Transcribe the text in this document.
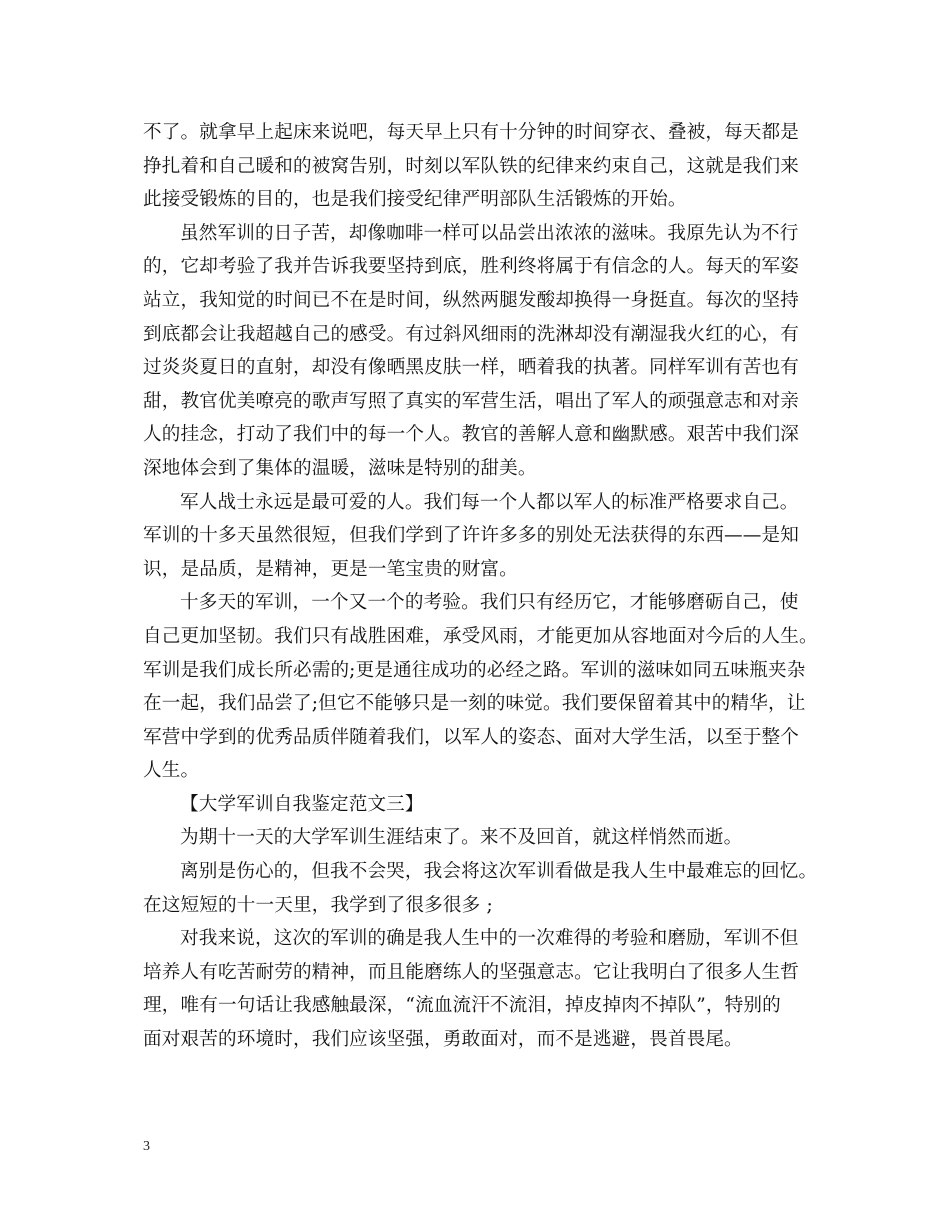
不了。就拿早上起床来说吧，每天早上只有十分钟的时间穿衣、叠被，每天都是
挣扎着和自己暖和的被窝告别，时刻以军队铁的纪律来约束自己，这就是我们来
此接受锻炼的目的，也是我们接受纪律严明部队生活锻炼的开始。
虽然军训的日子苦，却像咖啡一样可以品尝出浓浓的滋味。我原先认为不行
的，它却考验了我并告诉我要坚持到底，胜利终将属于有信念的人。每天的军姿
站立，我知觉的时间已不在是时间，纵然两腿发酸却换得一身挺直。每次的坚持
到底都会让我超越自己的感受。有过斜风细雨的洗淋却没有潮湿我火红的心，有
过炎炎夏日的直射，却没有像晒黑皮肤一样，晒着我的执著。同样军训有苦也有
甜，教官优美嘹亮的歌声写照了真实的军营生活，唱出了军人的顽强意志和对亲
人的挂念，打动了我们中的每一个人。教官的善解人意和幽默感。艰苦中我们深
深地体会到了集体的温暖，滋味是特别的甜美。
军人战士永远是最可爱的人。我们每一个人都以军人的标准严格要求自己。
军训的十多天虽然很短，但我们学到了许许多多的别处无法获得的东西——是知
识，是品质，是精神，更是一笔宝贵的财富。
十多天的军训，一个又一个的考验。我们只有经历它，才能够磨砺自己，使
自己更加坚韧。我们只有战胜困难，承受风雨，才能更加从容地面对今后的人生。
军训是我们成长所必需的;更是通往成功的必经之路。军训的滋味如同五味瓶夹杂
在一起，我们品尝了;但它不能够只是一刻的味觉。我们要保留着其中的精华，让
军营中学到的优秀品质伴随着我们，以军人的姿态、面对大学生活，以至于整个
人生。
【大学军训自我鉴定范文三】
为期十一天的大学军训生涯结束了。来不及回首，就这样悄然而逝。
离别是伤心的，但我不会哭，我会将这次军训看做是我人生中最难忘的回忆。
在这短短的十一天里，我学到了很多很多 ;
对我来说，这次的军训的确是我人生中的一次难得的考验和磨励，军训不但
培养人有吃苦耐劳的精神，而且能磨练人的坚强意志。它让我明白了很多人生哲
理，唯有一句话让我感触最深，“流血流汗不流泪，掉皮掉肉不掉队”，特别的
面对艰苦的环境时，我们应该坚强，勇敢面对，而不是逃避，畏首畏尾。
3
